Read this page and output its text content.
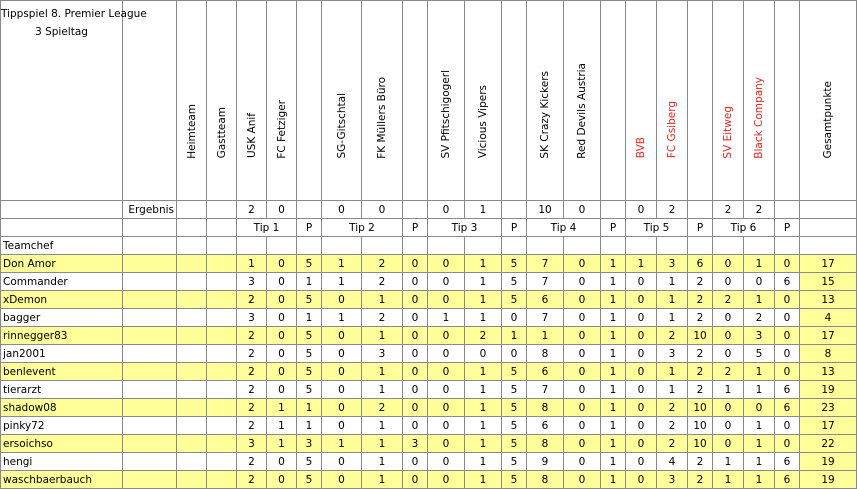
Tippspiel 8. Premier League
3 Spieltag		Heimteam	Gastteam	USK Anif	FC Fetziger		SG-Gitschtal	FK Müllers Büro		SV Pfitschigogerl	Vicious Vipers		SK Crazy Kickers	Red Devils Austria		BVB	FC Gsiberg		SV Eitweg	Black Company		Gesamtpunkte

	Ergebnis			2	0		0	0		0	1		10	0		0	2		2	2		
				Tip 1		P	Tip 2		P	Tip 3		P	Tip 4		P	Tip 5		P	Tip 6		P	
Teamchef																						
Don Amor				1	0	5	1	2	0	0	1	5	7	0	1	1	3	6	0	1	0	17
Commander				3	0	1	1	2	0	0	1	5	7	0	1	0	1	2	0	0	6	15
xDemon				2	0	5	0	1	0	0	1	5	6	0	1	0	1	2	2	1	0	13
bagger				3	0	1	1	2	0	1	1	0	7	0	1	0	1	2	0	2	0	4
rinnegger83				2	0	5	0	1	0	0	2	1	1	0	1	0	2	10	0	3	0	17
jan2001				2	0	5	0	3	0	0	0	0	8	0	1	0	3	2	0	5	0	8
benlevent				2	0	5	0	1	0	0	1	5	6	0	1	0	1	2	2	1	0	13
tierarzt				2	0	5	0	1	0	0	1	5	7	0	1	0	1	2	1	1	6	19
shadow08				2	1	1	0	2	0	0	1	5	8	0	1	0	2	10	0	0	6	23
pinky72				2	1	1	0	1	0	0	1	5	6	0	1	0	2	10	0	1	0	17
ersoichso				3	1	3	1	1	3	0	1	5	8	0	1	0	2	10	0	1	0	22
hengi				2	0	5	0	1	0	0	1	5	9	0	1	0	4	2	1	1	6	19
waschbaerbauch				2	0	5	0	1	0	0	1	5	8	0	1	0	3	2	1	1	6	19
